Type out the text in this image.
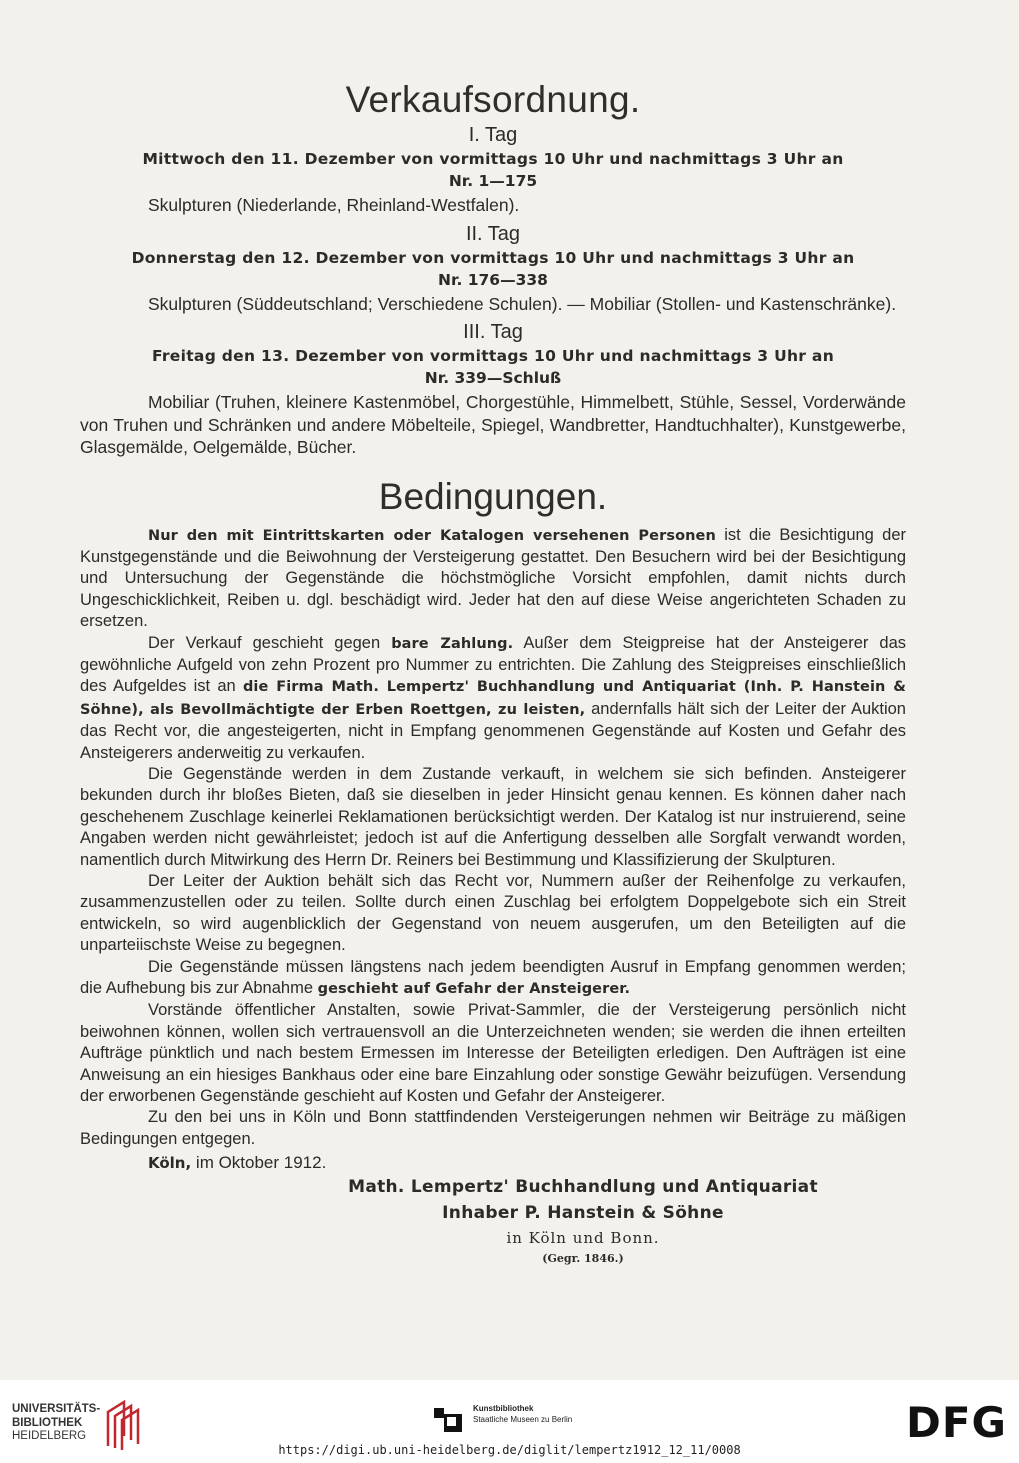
Verkaufsordnung.

I. Tag

Mittwoch den 11. Dezember von vormittags 10 Uhr und nachmittags 3 Uhr an

Nr. 1—175

Skulpturen (Niederlande, Rheinland-Westfalen).

II. Tag

Donnerstag den 12. Dezember von vormittags 10 Uhr und nachmittags 3 Uhr an

Nr. 176—338

Skulpturen (Süddeutschland; Verschiedene Schulen). — Mobiliar (Stollen- und Kastenschränke).

III. Tag

Freitag den 13. Dezember von vormittags 10 Uhr und nachmittags 3 Uhr an

Nr. 339—Schluß

Mobiliar (Truhen, kleinere Kastenmöbel, Chorgestühle, Himmelbett, Stühle, Sessel, Vorderwände von Truhen und Schränken und andere Möbelteile, Spiegel, Wandbretter, Handtuchhalter), Kunstgewerbe, Glasgemälde, Oelgemälde, Bücher.

Bedingungen.

Nur den mit Eintrittskarten oder Katalogen versehenen Personen ist die Besichtigung der Kunstgegenstände und die Beiwohnung der Versteigerung gestattet. Den Besuchern wird bei der Besichtigung und Untersuchung der Gegenstände die höchstmögliche Vorsicht empfohlen, damit nichts durch Ungeschicklichkeit, Reiben u. dgl. beschädigt wird. Jeder hat den auf diese Weise angerichteten Schaden zu ersetzen.

Der Verkauf geschieht gegen bare Zahlung. Außer dem Steigpreise hat der Ansteigerer das gewöhnliche Aufgeld von zehn Prozent pro Nummer zu entrichten. Die Zahlung des Steigpreises einschließlich des Aufgeldes ist an die Firma Math. Lempertz' Buchhandlung und Antiquariat (Inh. P. Hanstein & Söhne), als Bevollmächtigte der Erben Roettgen, zu leisten, andernfalls hält sich der Leiter der Auktion das Recht vor, die angesteigerten, nicht in Empfang genommenen Gegenstände auf Kosten und Gefahr des Ansteigerers anderweitig zu verkaufen.

Die Gegenstände werden in dem Zustande verkauft, in welchem sie sich befinden. Ansteigerer bekunden durch ihr bloßes Bieten, daß sie dieselben in jeder Hinsicht genau kennen. Es können daher nach geschehenem Zuschlage keinerlei Reklamationen berücksichtigt werden. Der Katalog ist nur instruierend, seine Angaben werden nicht gewährleistet; jedoch ist auf die Anfertigung desselben alle Sorgfalt verwandt worden, namentlich durch Mitwirkung des Herrn Dr. Reiners bei Bestimmung und Klassifizierung der Skulpturen.

Der Leiter der Auktion behält sich das Recht vor, Nummern außer der Reihenfolge zu verkaufen, zusammenzustellen oder zu teilen. Sollte durch einen Zuschlag bei erfolgtem Doppelgebote sich ein Streit entwickeln, so wird augenblicklich der Gegenstand von neuem ausgerufen, um den Beteiligten auf die unparteiischste Weise zu begegnen.

Die Gegenstände müssen längstens nach jedem beendigten Ausruf in Empfang genommen werden; die Aufhebung bis zur Abnahme geschieht auf Gefahr der Ansteigerer.

Vorstände öffentlicher Anstalten, sowie Privat-Sammler, die der Versteigerung persönlich nicht beiwohnen können, wollen sich vertrauensvoll an die Unterzeichneten wenden; sie werden die ihnen erteilten Aufträge pünktlich und nach bestem Ermessen im Interesse der Beteiligten erledigen. Den Aufträgen ist eine Anweisung an ein hiesiges Bankhaus oder eine bare Einzahlung oder sonstige Gewähr beizufügen. Versendung der erworbenen Gegenstände geschieht auf Kosten und Gefahr der Ansteigerer.

Zu den bei uns in Köln und Bonn stattfindenden Versteigerungen nehmen wir Beiträge zu mäßigen Bedingungen entgegen.

Köln, im Oktober 1912.

Math. Lempertz' Buchhandlung und Antiquariat

Inhaber P. Hanstein & Söhne

in Köln und Bonn.

(Gegr. 1846.)

UNIVERSITÄTS-
BIBLIOTHEK
HEIDELBERG
Kunstbibliothek
Staatliche Museen zu Berlin	DFG
https://digi.ub.uni-heidelberg.de/diglit/lempertz1912_12_11/0008
